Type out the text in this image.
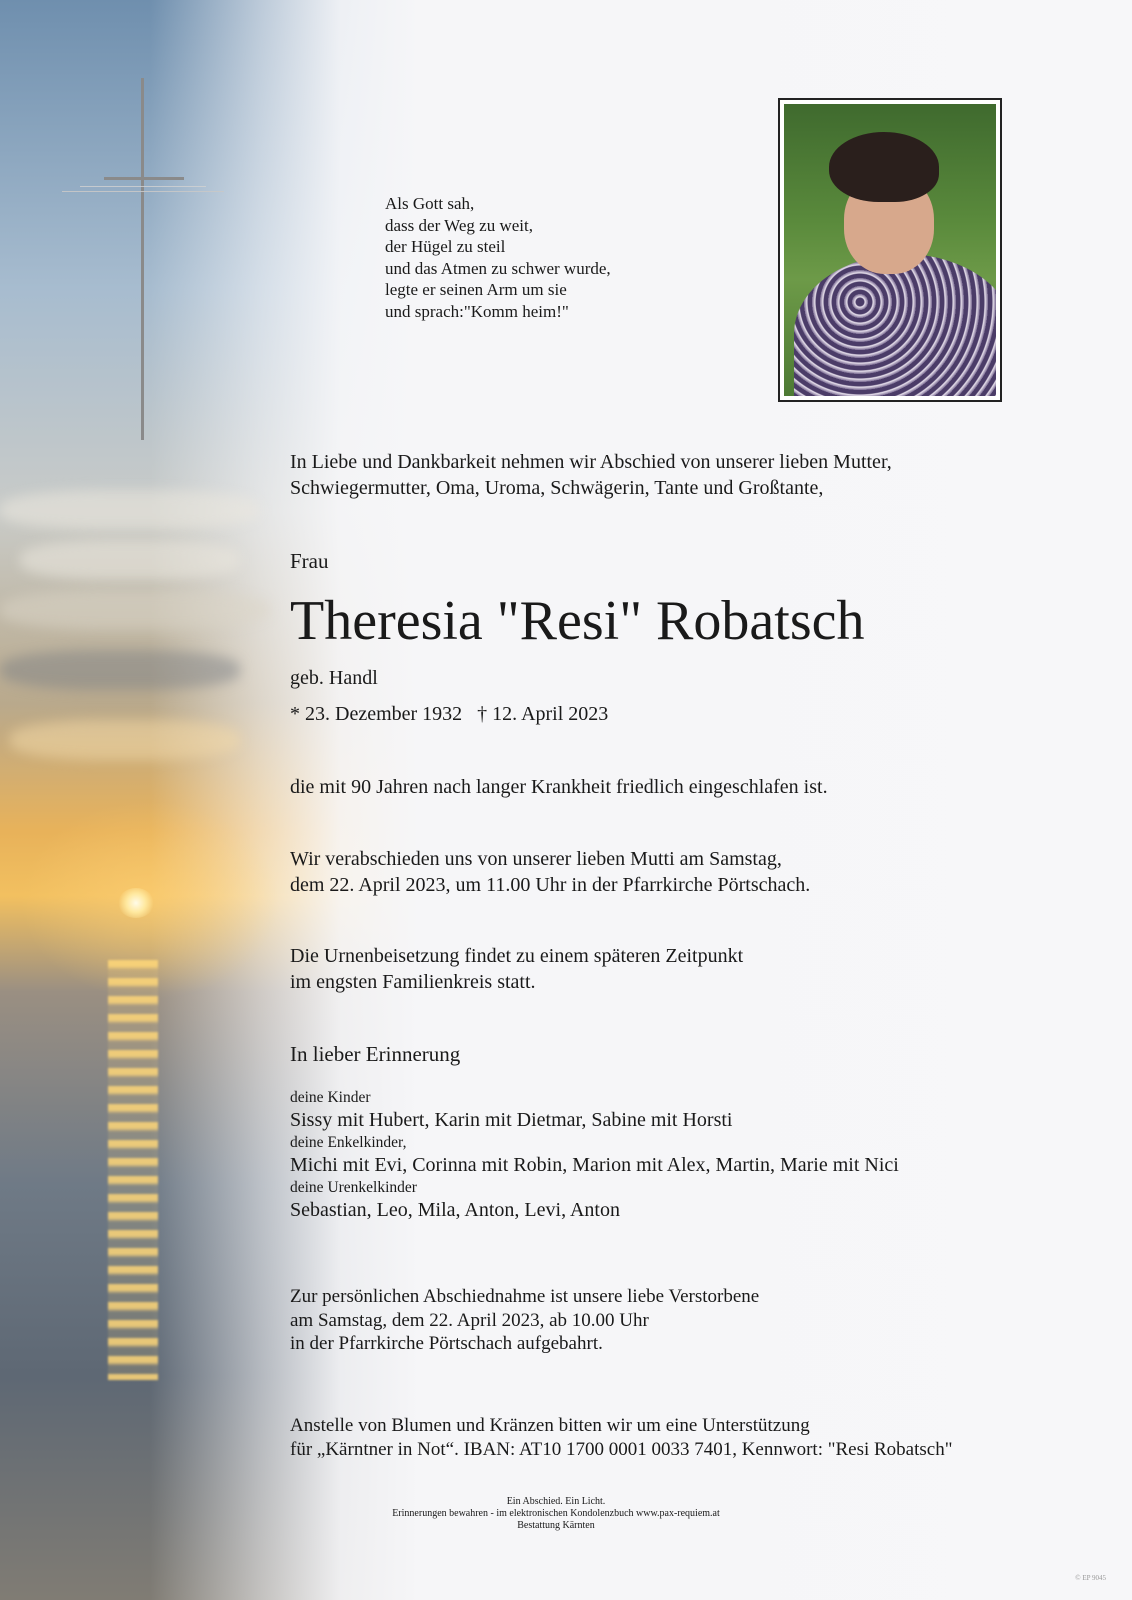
Als Gott sah,
dass der Weg zu weit,
der Hügel zu steil
und das Atmen zu schwer wurde,
legte er seinen Arm um sie
und sprach:"Komm heim!"
In Liebe und Dankbarkeit nehmen wir Abschied von unserer lieben Mutter,
Schwiegermutter, Oma, Uroma, Schwägerin, Tante und Großtante,
Frau
Theresia "Resi" Robatsch
geb. Handl
* 23. Dezember 1932   † 12. April 2023
die mit 90 Jahren nach langer Krankheit friedlich eingeschlafen ist.
Wir verabschieden uns von unserer lieben Mutti am Samstag,
dem 22. April 2023, um 11.00 Uhr in der Pfarrkirche Pörtschach.
Die Urnenbeisetzung findet zu einem späteren Zeitpunkt
im engsten Familienkreis statt.
In lieber Erinnerung
deine Kinder
Sissy mit Hubert, Karin mit Dietmar, Sabine mit Horsti
deine Enkelkinder,
Michi mit Evi, Corinna mit Robin, Marion mit Alex, Martin, Marie mit Nici
deine Urenkelkinder
Sebastian, Leo, Mila, Anton, Levi, Anton
Zur persönlichen Abschiednahme ist unsere liebe Verstorbene
am Samstag, dem 22. April 2023, ab 10.00 Uhr
in der Pfarrkirche Pörtschach aufgebahrt.
Anstelle von Blumen und Kränzen bitten wir um eine Unterstützung
für „Kärntner in Not“. IBAN: AT10 1700 0001 0033 7401, Kennwort: "Resi Robatsch"
Ein Abschied. Ein Licht.
Erinnerungen bewahren - im elektronischen Kondolenzbuch www.pax-requiem.at
Bestattung Kärnten
© EP 9045
